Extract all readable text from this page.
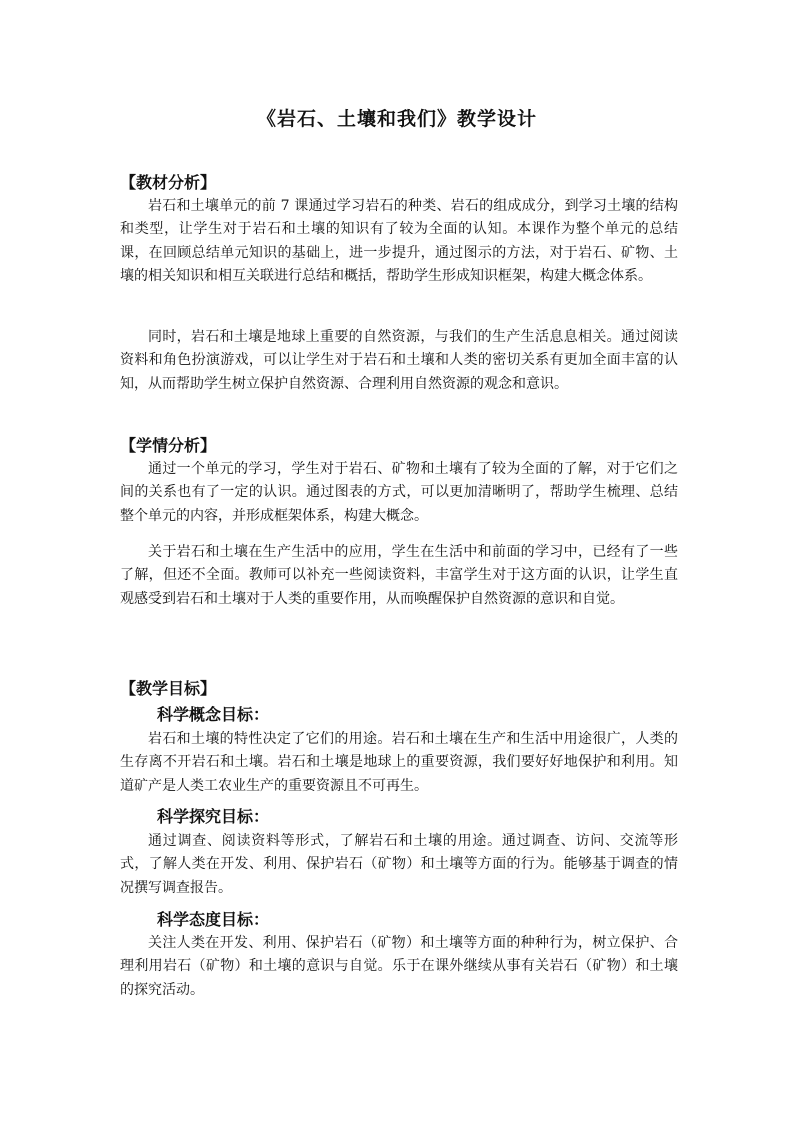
《岩石、土壤和我们》教学设计
【教材分析】

岩石和土壤单元的前 7 课通过学习岩石的种类、岩石的组成成分，到学习土壤的结构和类型，让学生对于岩石和土壤的知识有了较为全面的认知。本课作为整个单元的总结课，在回顾总结单元知识的基础上，进一步提升，通过图示的方法，对于岩石、矿物、土壤的相关知识和相互关联进行总结和概括，帮助学生形成知识框架，构建大概念体系。

同时，岩石和土壤是地球上重要的自然资源，与我们的生产生活息息相关。通过阅读资料和角色扮演游戏，可以让学生对于岩石和土壤和人类的密切关系有更加全面丰富的认知，从而帮助学生树立保护自然资源、合理利用自然资源的观念和意识。

【学情分析】

通过一个单元的学习，学生对于岩石、矿物和土壤有了较为全面的了解，对于它们之间的关系也有了一定的认识。通过图表的方式，可以更加清晰明了，帮助学生梳理、总结整个单元的内容，并形成框架体系，构建大概念。

关于岩石和土壤在生产生活中的应用，学生在生活中和前面的学习中，已经有了一些了解，但还不全面。教师可以补充一些阅读资料，丰富学生对于这方面的认识，让学生直观感受到岩石和土壤对于人类的重要作用，从而唤醒保护自然资源的意识和自觉。

【教学目标】
科学概念目标：

岩石和土壤的特性决定了它们的用途。岩石和土壤在生产和生活中用途很广，人类的生存离不开岩石和土壤。岩石和土壤是地球上的重要资源，我们要好好地保护和利用。知道矿产是人类工农业生产的重要资源且不可再生。

科学探究目标：

通过调查、阅读资料等形式，了解岩石和土壤的用途。通过调查、访问、交流等形式，了解人类在开发、利用、保护岩石（矿物）和土壤等方面的行为。能够基于调查的情况撰写调查报告。

科学态度目标：

关注人类在开发、利用、保护岩石（矿物）和土壤等方面的种种行为，树立保护、合理利用岩石（矿物）和土壤的意识与自觉。乐于在课外继续从事有关岩石（矿物）和土壤的探究活动。
